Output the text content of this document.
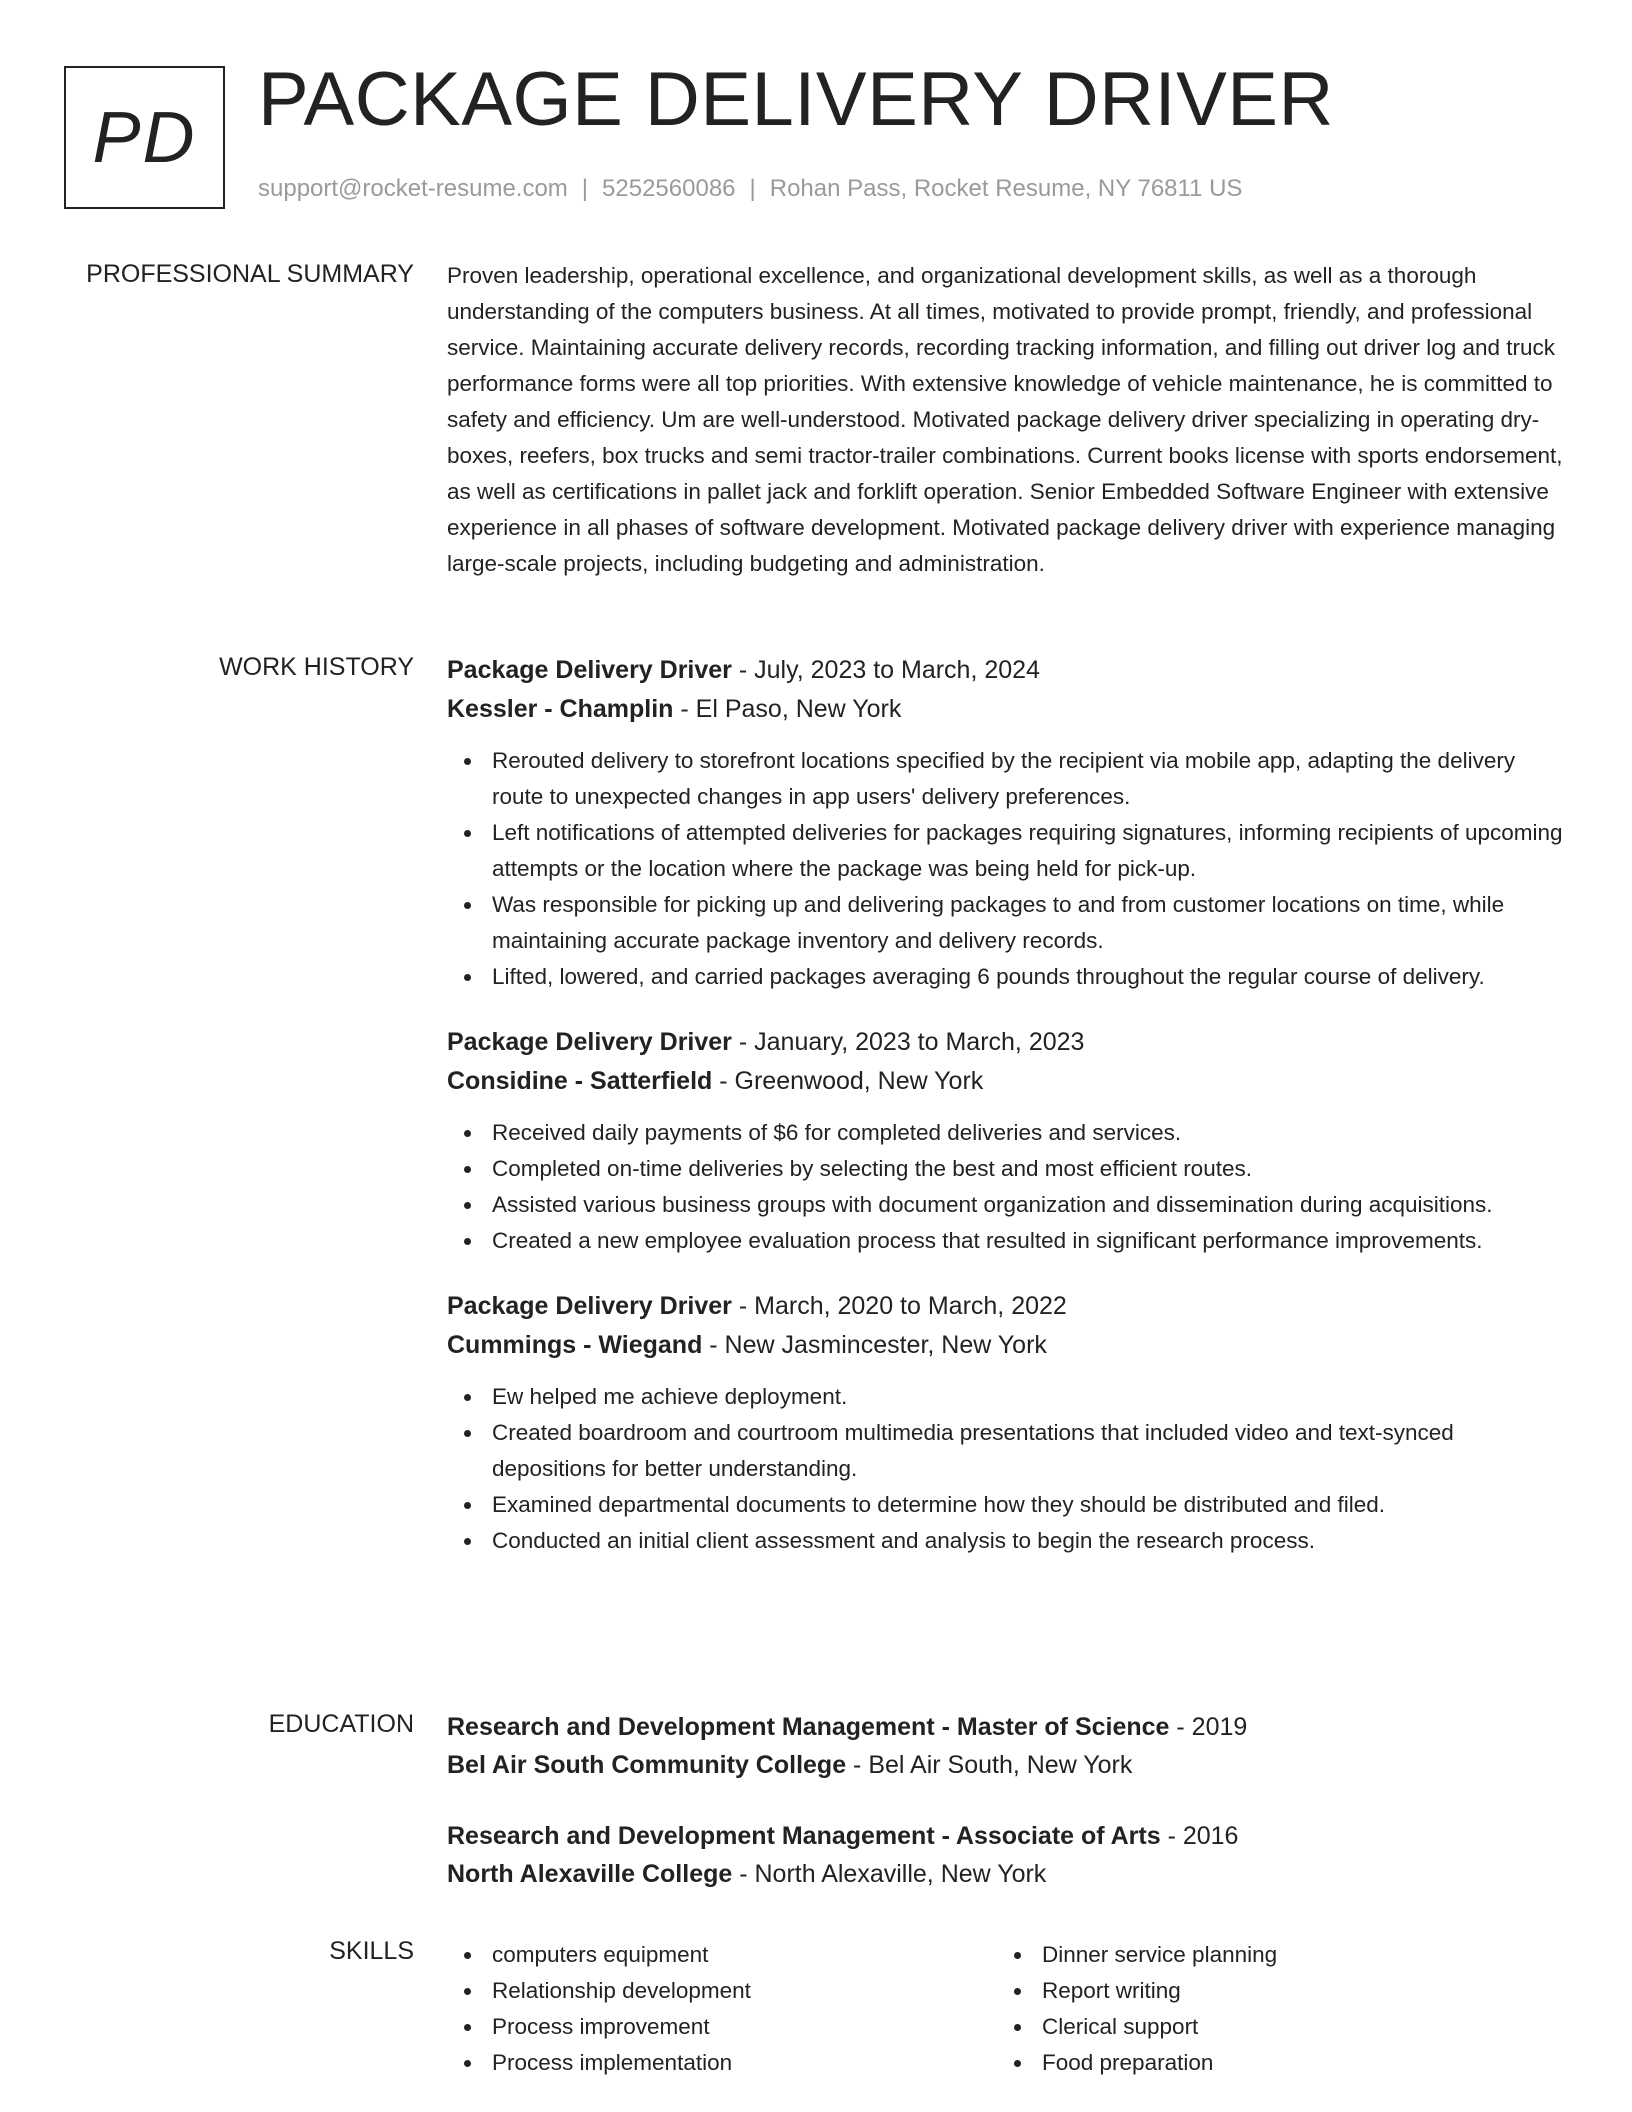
PD PACKAGE DELIVERY DRIVER
support@rocket-resume.com | 5252560086 | Rohan Pass, Rocket Resume, NY 76811 US
PROFESSIONAL SUMMARY Proven leadership, operational excellence, and organizational development skills, as well as a thorough understanding of the computers business. At all times, motivated to provide prompt, friendly, and professional service. Maintaining accurate delivery records, recording tracking information, and filling out driver log and truck performance forms were all top priorities. With extensive knowledge of vehicle maintenance, he is committed to safety and efficiency. Um are well-understood. Motivated package delivery driver specializing in operating dry-boxes, reefers, box trucks and semi tractor-trailer combinations. Current books license with sports endorsement, as well as certifications in pallet jack and forklift operation. Senior Embedded Software Engineer with extensive experience in all phases of software development. Motivated package delivery driver with experience managing large-scale projects, including budgeting and administration.

WORK HISTORY Package Delivery Driver - July, 2023 to March, 2024
Kessler - Champlin - El Paso, New York
Rerouted delivery to storefront locations specified by the recipient via mobile app, adapting the delivery route to unexpected changes in app users' delivery preferences.
Left notifications of attempted deliveries for packages requiring signatures, informing recipients of upcoming attempts or the location where the package was being held for pick-up.
Was responsible for picking up and delivering packages to and from customer locations on time, while maintaining accurate package inventory and delivery records.
Lifted, lowered, and carried packages averaging 6 pounds throughout the regular course of delivery.
Package Delivery Driver - January, 2023 to March, 2023
Considine - Satterfield - Greenwood, New York
Received daily payments of $6 for completed deliveries and services.
Completed on-time deliveries by selecting the best and most efficient routes.
Assisted various business groups with document organization and dissemination during acquisitions.
Created a new employee evaluation process that resulted in significant performance improvements.
Package Delivery Driver - March, 2020 to March, 2022
Cummings - Wiegand - New Jasmincester, New York
Ew helped me achieve deployment.
Created boardroom and courtroom multimedia presentations that included video and text-synced depositions for better understanding.
Examined departmental documents to determine how they should be distributed and filed.
Conducted an initial client assessment and analysis to begin the research process.
EDUCATION Research and Development Management - Master of Science - 2019
Bel Air South Community College - Bel Air South, New York
Research and Development Management - Associate of Arts - 2016
North Alexaville College - North Alexaville, New York
SKILLS	computers equipment
Relationship development
Process improvement
Process implementation
Dinner service planning
Report writing
Clerical support
Food preparation
